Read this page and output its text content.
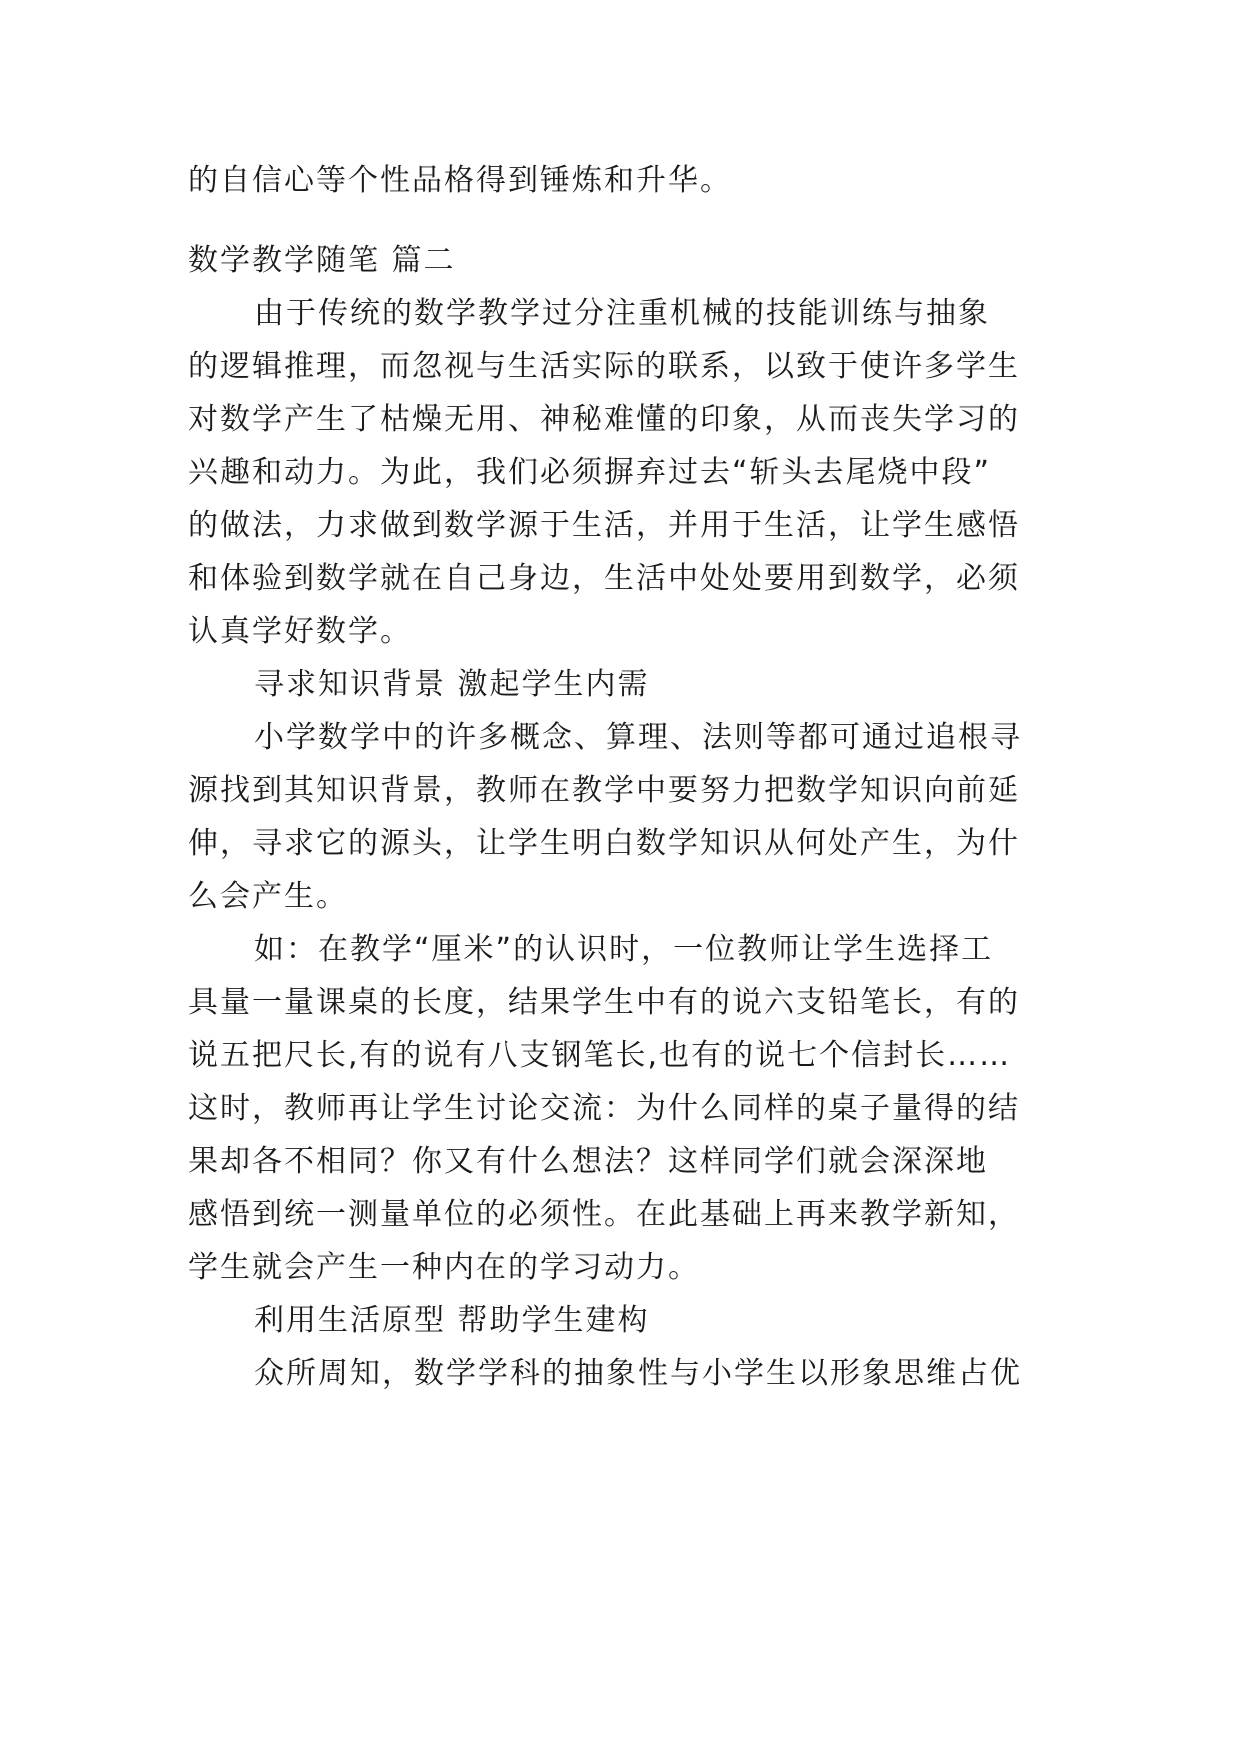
的自信心等个性品格得到锤炼和升华。
数学教学随笔 篇二
由于传统的数学教学过分注重机械的技能训练与抽象
的逻辑推理，而忽视与生活实际的联系，以致于使许多学生
对数学产生了枯燥无用、神秘难懂的印象，从而丧失学习的
兴趣和动力。为此，我们必须摒弃过去“斩头去尾烧中段”
的做法，力求做到数学源于生活，并用于生活，让学生感悟
和体验到数学就在自己身边，生活中处处要用到数学，必须
认真学好数学。
寻求知识背景 激起学生内需
小学数学中的许多概念、算理、法则等都可通过追根寻
源找到其知识背景，教师在教学中要努力把数学知识向前延
伸，寻求它的源头，让学生明白数学知识从何处产生，为什
么会产生。
如：在教学“厘米”的认识时，一位教师让学生选择工
具量一量课桌的长度，结果学生中有的说六支铅笔长，有的
说五把尺长,有的说有八支钢笔长,也有的说七个信封长……
这时，教师再让学生讨论交流：为什么同样的桌子量得的结
果却各不相同？你又有什么想法？这样同学们就会深深地
感悟到统一测量单位的必须性。在此基础上再来教学新知，
学生就会产生一种内在的学习动力。
利用生活原型 帮助学生建构
众所周知，数学学科的抽象性与小学生以形象思维占优
